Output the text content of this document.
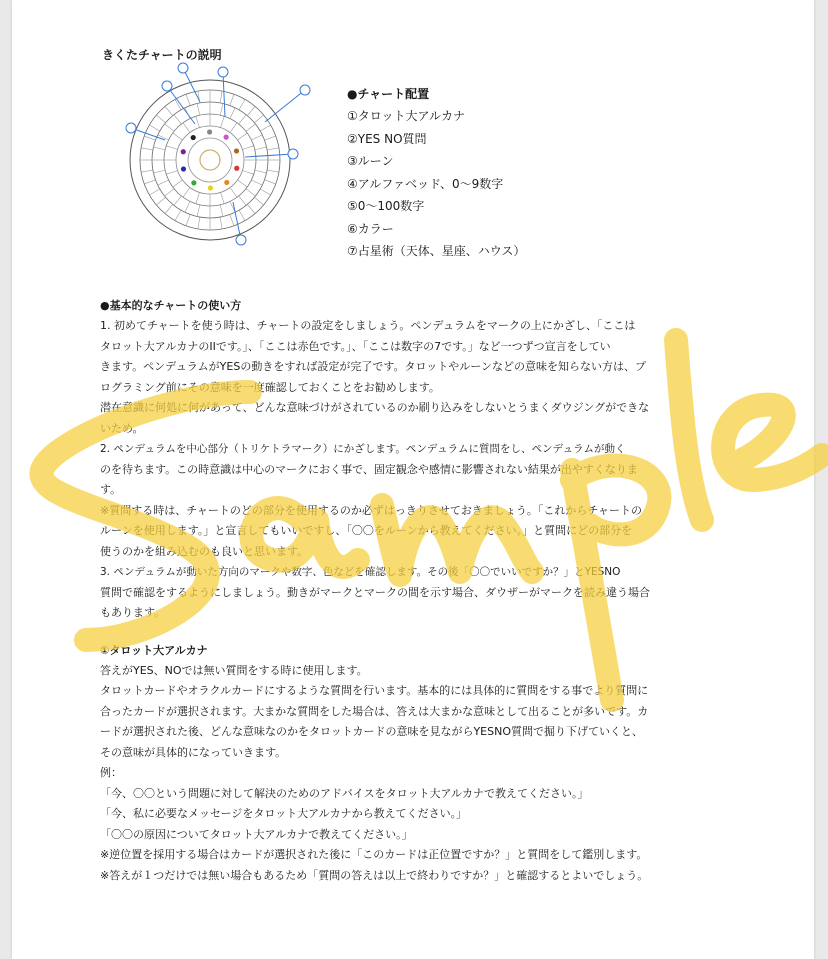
きくたチャートの説明
●チャート配置
①タロット大アルカナ
②YES NO質問
③ルーン
④アルファベッド、0〜9数字
⑤0〜100数字
⑥カラー
⑦占星術（天体、星座、ハウス）
●基本的なチャートの使い方
1. 初めてチャートを使う時は、チャートの設定をしましょう。ペンデュラムをマークの上にかざし、「ここは
タロット大アルカナのIIです。」、「ここは赤色です。」、「ここは数字の7です。」など一つずつ宣言をしてい
きます。ペンデュラムがYESの動きをすれば設定が完了です。タロットやルーンなどの意味を知らない方は、プ
ログラミング前にその意味を一度確認しておくことをお勧めします。
潜在意識に何処に何があって、どんな意味づけがされているのか刷り込みをしないとうまくダウジングができな
いため。
2. ペンデュラムを中心部分（トリケトラマーク）にかざします。ペンデュラムに質問をし、ペンデュラムが動く
のを待ちます。この時意識は中心のマークにおく事で、固定観念や感情に影響されない結果が出やすくなりま
す。
※質問する時は、チャートのどの部分を使用するのか必ずはっきりさせておきましょう。「これからチャートの
ルーンを使用します。」と宣言してもいいですし、「〇〇をルーンから教えてください。」と質問にどの部分を
使うのかを組み込むのも良いと思います。
3. ペンデュラムが動いた方向のマークや数字、色などを確認します。その後「〇〇でいいですか？」とYESNO
質問で確認をするようにしましょう。動きがマークとマークの間を示す場合、ダウザーがマークを読み違う場合
もあります。
①タロット大アルカナ
答えがYES、NOでは無い質問をする時に使用します。
タロットカードやオラクルカードにするような質問を行います。基本的には具体的に質問をする事でより質問に
合ったカードが選択されます。大まかな質問をした場合は、答えは大まかな意味として出ることが多いです。カ
ードが選択された後、どんな意味なのかをタロットカードの意味を見ながらYESNO質問で掘り下げていくと、
その意味が具体的になっていきます。
例：
「今、〇〇という問題に対して解決のためのアドバイスをタロット大アルカナで教えてください。」
「今、私に必要なメッセージをタロット大アルカナから教えてください。」
「〇〇の原因についてタロット大アルカナで教えてください。」
※逆位置を採用する場合はカードが選択された後に「このカードは正位置ですか？」と質問をして鑑別します。
※答えが１つだけでは無い場合もあるため「質問の答えは以上で終わりですか？」と確認するとよいでしょう。
